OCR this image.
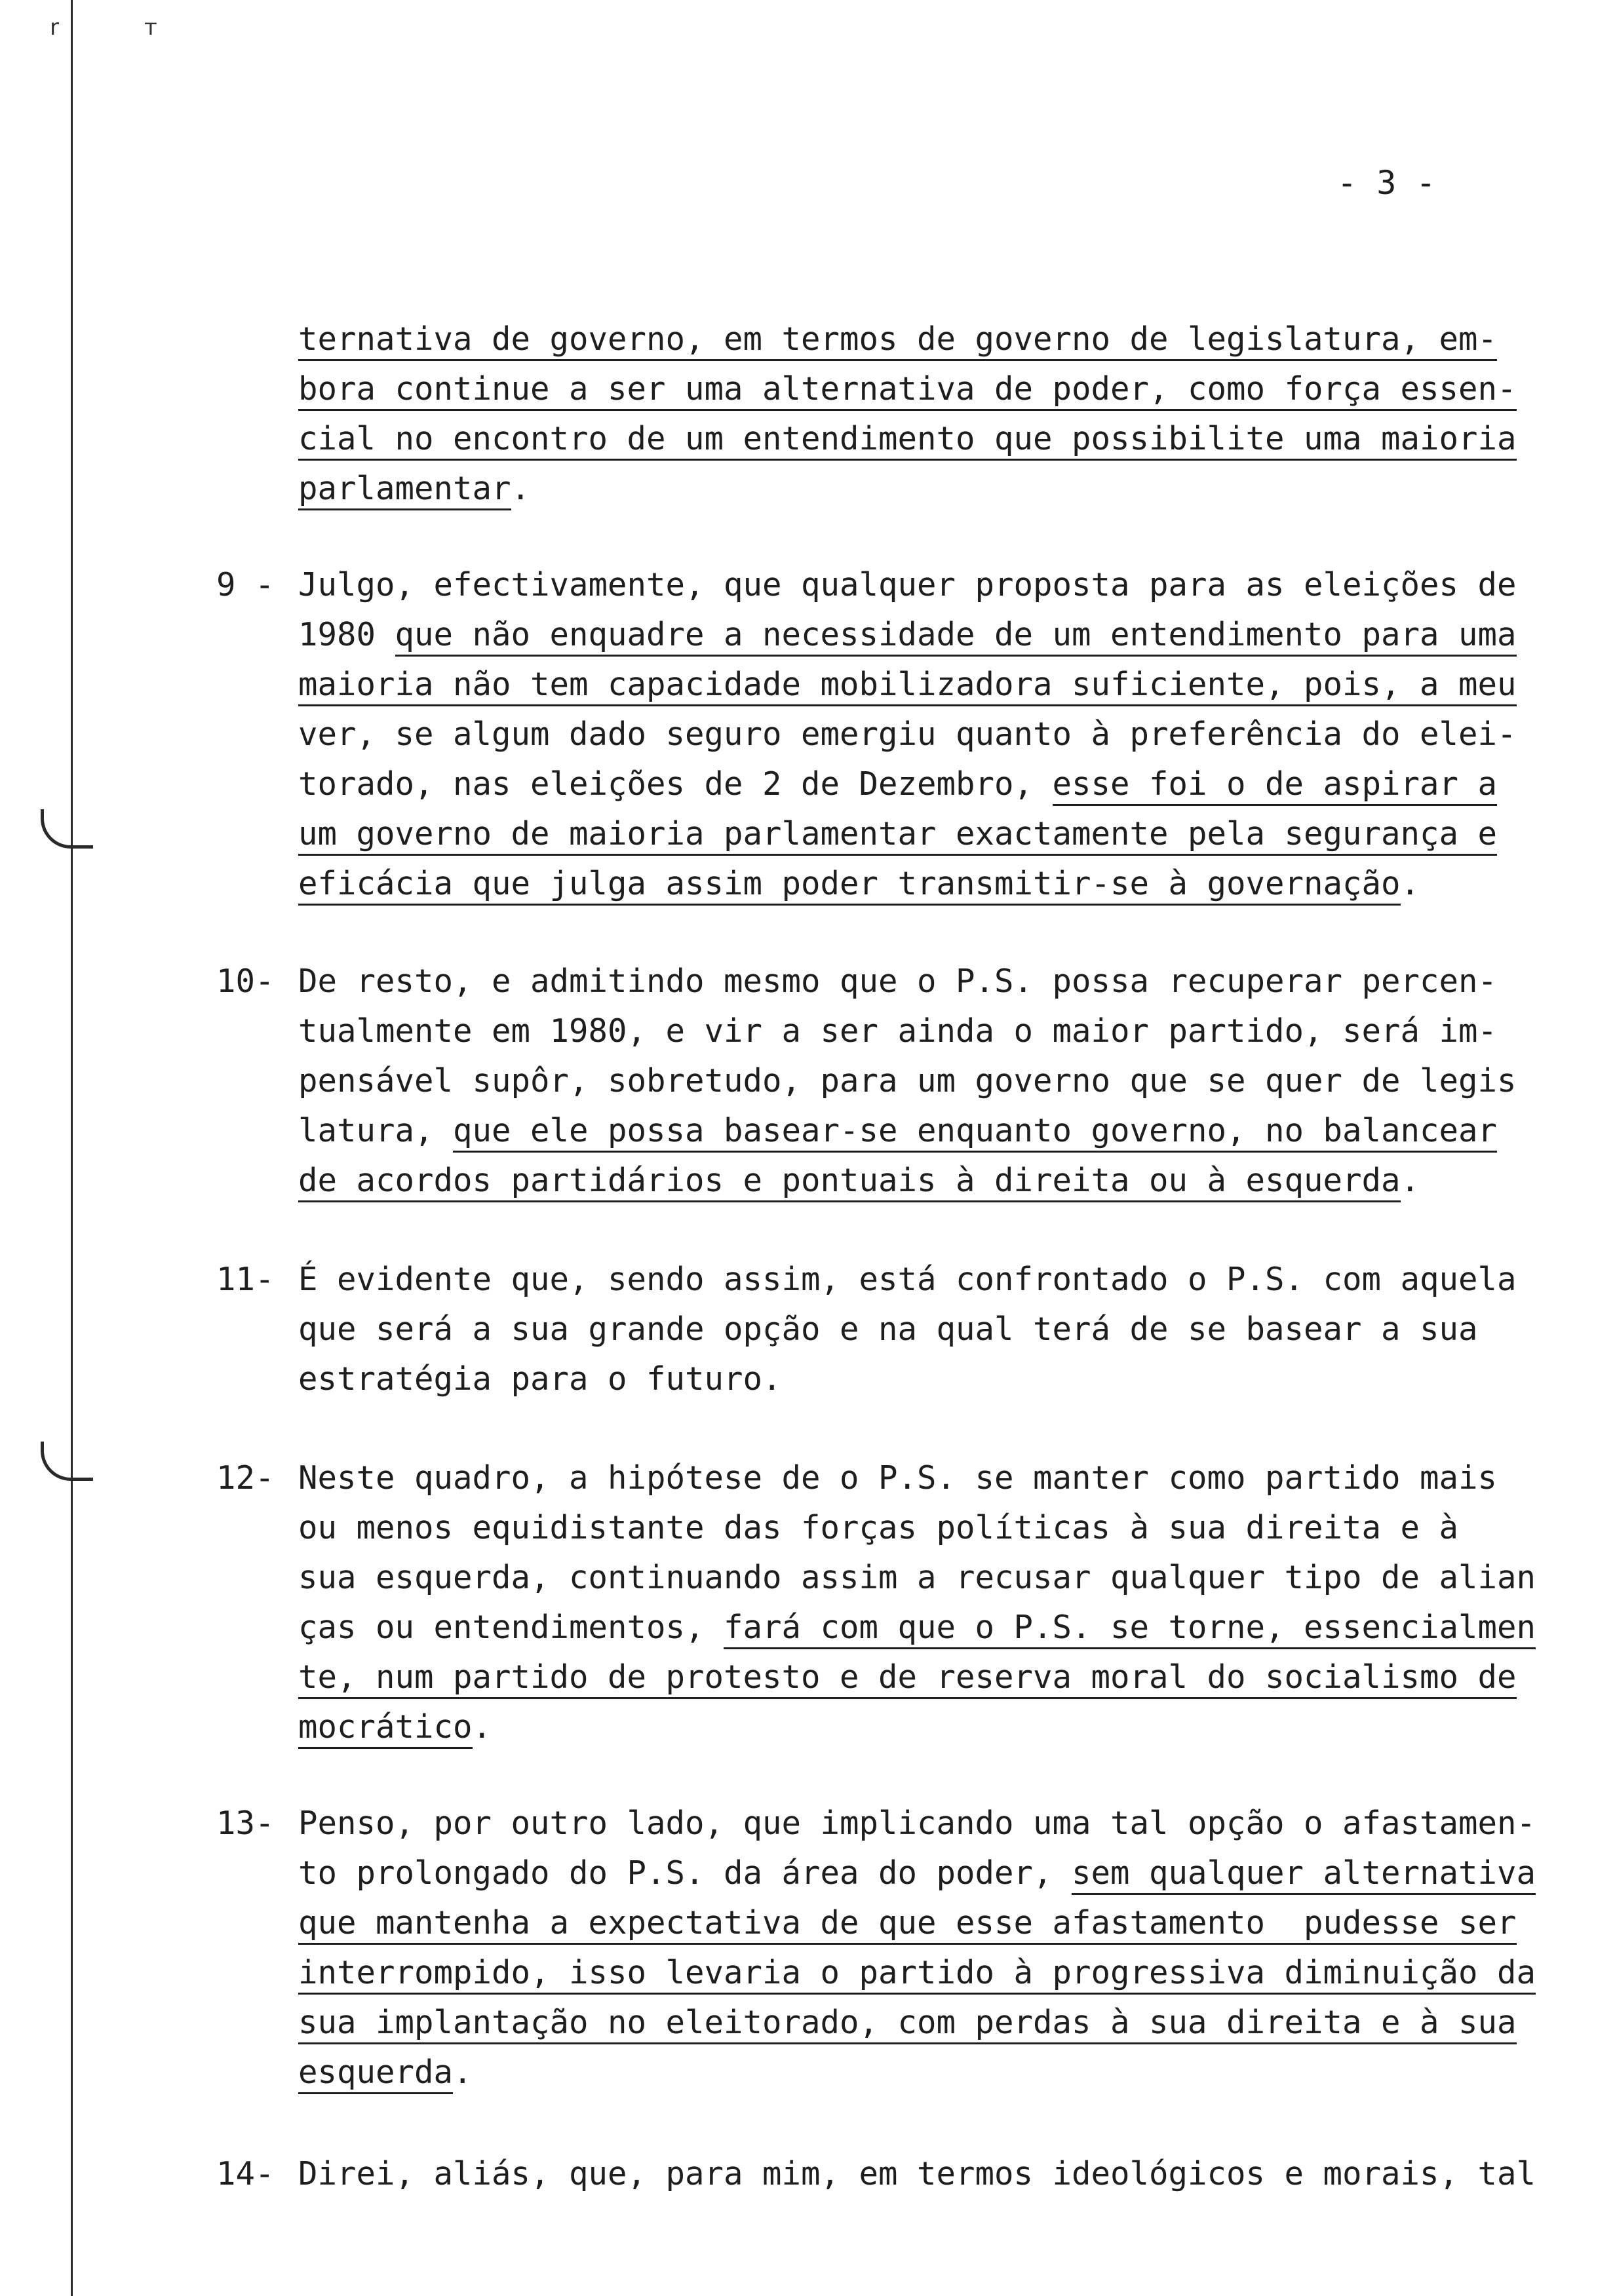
r	ᴛ
- 3 -
ternativa de governo, em termos de governo de legislatura, em-
bora continue a ser uma alternativa de poder, como força essen-
cial no encontro de um entendimento que possibilite uma maioria
parlamentar.
9 - Julgo, efectivamente, que qualquer proposta para as eleições de
1980 que não enquadre a necessidade de um entendimento para uma
maioria não tem capacidade mobilizadora suficiente, pois, a meu
ver, se algum dado seguro emergiu quanto à preferência do elei-
torado, nas eleições de 2 de Dezembro, esse foi o de aspirar a
um governo de maioria parlamentar exactamente pela segurança e
eficácia que julga assim poder transmitir-se à governação.
10- De resto, e admitindo mesmo que o P.S. possa recuperar percen-
tualmente em 1980, e vir a ser ainda o maior partido, será im-
pensável supôr, sobretudo, para um governo que se quer de legis
latura, que ele possa basear-se enquanto governo, no balancear
de acordos partidários e pontuais à direita ou à esquerda.
11- É evidente que, sendo assim, está confrontado o P.S. com aquela
que será a sua grande opção e na qual terá de se basear a sua
estratégia para o futuro.
12- Neste quadro, a hipótese de o P.S. se manter como partido mais
ou menos equidistante das forças políticas à sua direita e à
sua esquerda, continuando assim a recusar qualquer tipo de alian
ças ou entendimentos, fará com que o P.S. se torne, essencialmen
te, num partido de protesto e de reserva moral do socialismo de
mocrático.
13- Penso, por outro lado, que implicando uma tal opção o afastamen-
to prolongado do P.S. da área do poder, sem qualquer alternativa
que mantenha a expectativa de que esse afastamento  pudesse ser
interrompido, isso levaria o partido à progressiva diminuição da
sua implantação no eleitorado, com perdas à sua direita e à sua
esquerda.
14- Direi, aliás, que, para mim, em termos ideológicos e morais, tal
